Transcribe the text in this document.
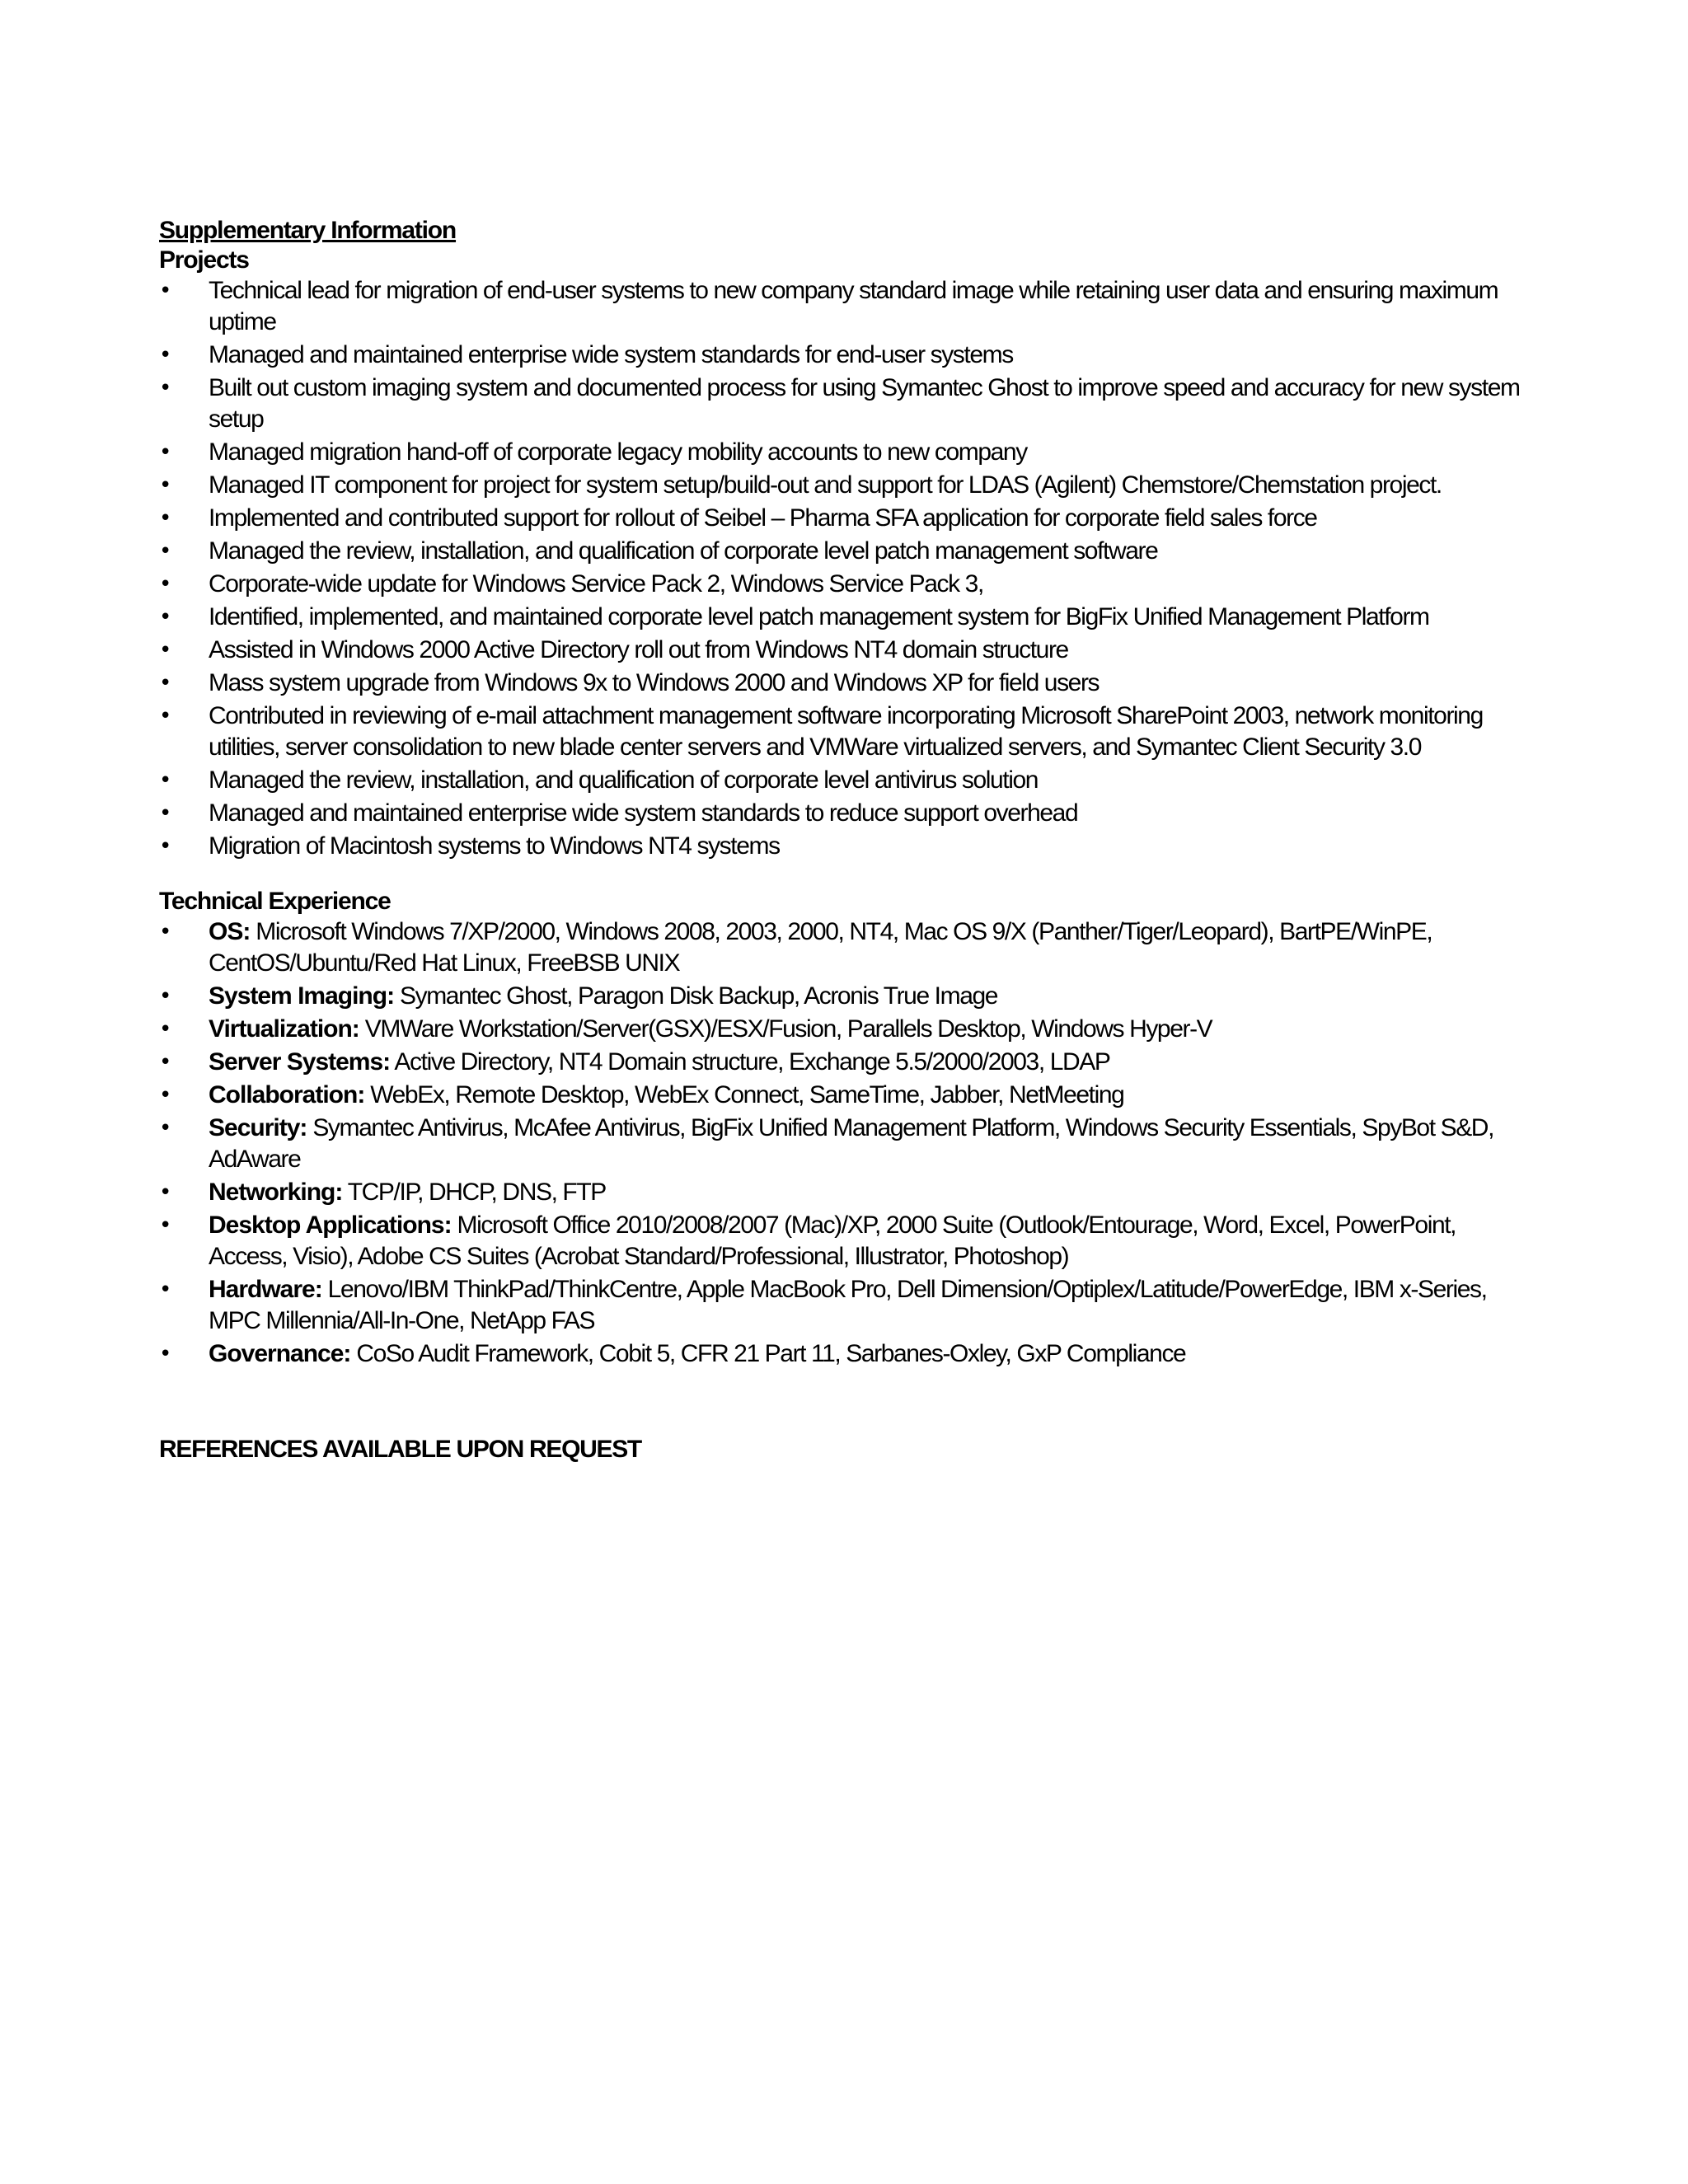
Supplementary Information
Projects
• Technical lead for migration of end-user systems to new company standard image while retaining user data and ensuring maximum uptime
• Managed and maintained enterprise wide system standards for end-user systems
• Built out custom imaging system and documented process for using Symantec Ghost to improve speed and accuracy for new system setup
• Managed migration hand-off of corporate legacy mobility accounts to new company
• Managed IT component for project for system setup/build-out and support for LDAS (Agilent) Chemstore/Chemstation project.
• Implemented and contributed support for rollout of Seibel – Pharma SFA application for corporate field sales force
• Managed the review, installation, and qualification of corporate level patch management software
• Corporate-wide update for Windows Service Pack 2, Windows Service Pack 3,
• Identified, implemented, and maintained corporate level patch management system for BigFix Unified Management Platform
• Assisted in Windows 2000 Active Directory roll out from Windows NT4 domain structure
• Mass system upgrade from Windows 9x to Windows 2000 and Windows XP for field users
• Contributed in reviewing of e-mail attachment management software incorporating Microsoft SharePoint 2003, network monitoring utilities, server consolidation to new blade center servers and VMWare virtualized servers, and Symantec Client Security 3.0
• Managed the review, installation, and qualification of corporate level antivirus solution
• Managed and maintained enterprise wide system standards to reduce support overhead
• Migration of Macintosh systems to Windows NT4 systems
Technical Experience
• OS: Microsoft Windows 7/XP/2000, Windows 2008, 2003, 2000, NT4, Mac OS 9/X (Panther/Tiger/Leopard), BartPE/WinPE, CentOS/Ubuntu/Red Hat Linux, FreeBSB UNIX
• System Imaging: Symantec Ghost, Paragon Disk Backup, Acronis True Image
• Virtualization: VMWare Workstation/Server(GSX)/ESX/Fusion, Parallels Desktop, Windows Hyper-V
• Server Systems: Active Directory, NT4 Domain structure, Exchange 5.5/2000/2003, LDAP
• Collaboration: WebEx, Remote Desktop, WebEx Connect, SameTime, Jabber, NetMeeting
• Security: Symantec Antivirus, McAfee Antivirus, BigFix Unified Management Platform, Windows Security Essentials, SpyBot S&D, AdAware
• Networking: TCP/IP, DHCP, DNS, FTP
• Desktop Applications: Microsoft Office 2010/2008/2007 (Mac)/XP, 2000 Suite (Outlook/Entourage, Word, Excel, PowerPoint, Access, Visio), Adobe CS Suites (Acrobat Standard/Professional, Illustrator, Photoshop)
• Hardware: Lenovo/IBM ThinkPad/ThinkCentre, Apple MacBook Pro, Dell Dimension/Optiplex/Latitude/PowerEdge, IBM x-Series, MPC Millennia/All-In-One, NetApp FAS
• Governance: CoSo Audit Framework, Cobit 5, CFR 21 Part 11, Sarbanes-Oxley, GxP Compliance
REFERENCES AVAILABLE UPON REQUEST
